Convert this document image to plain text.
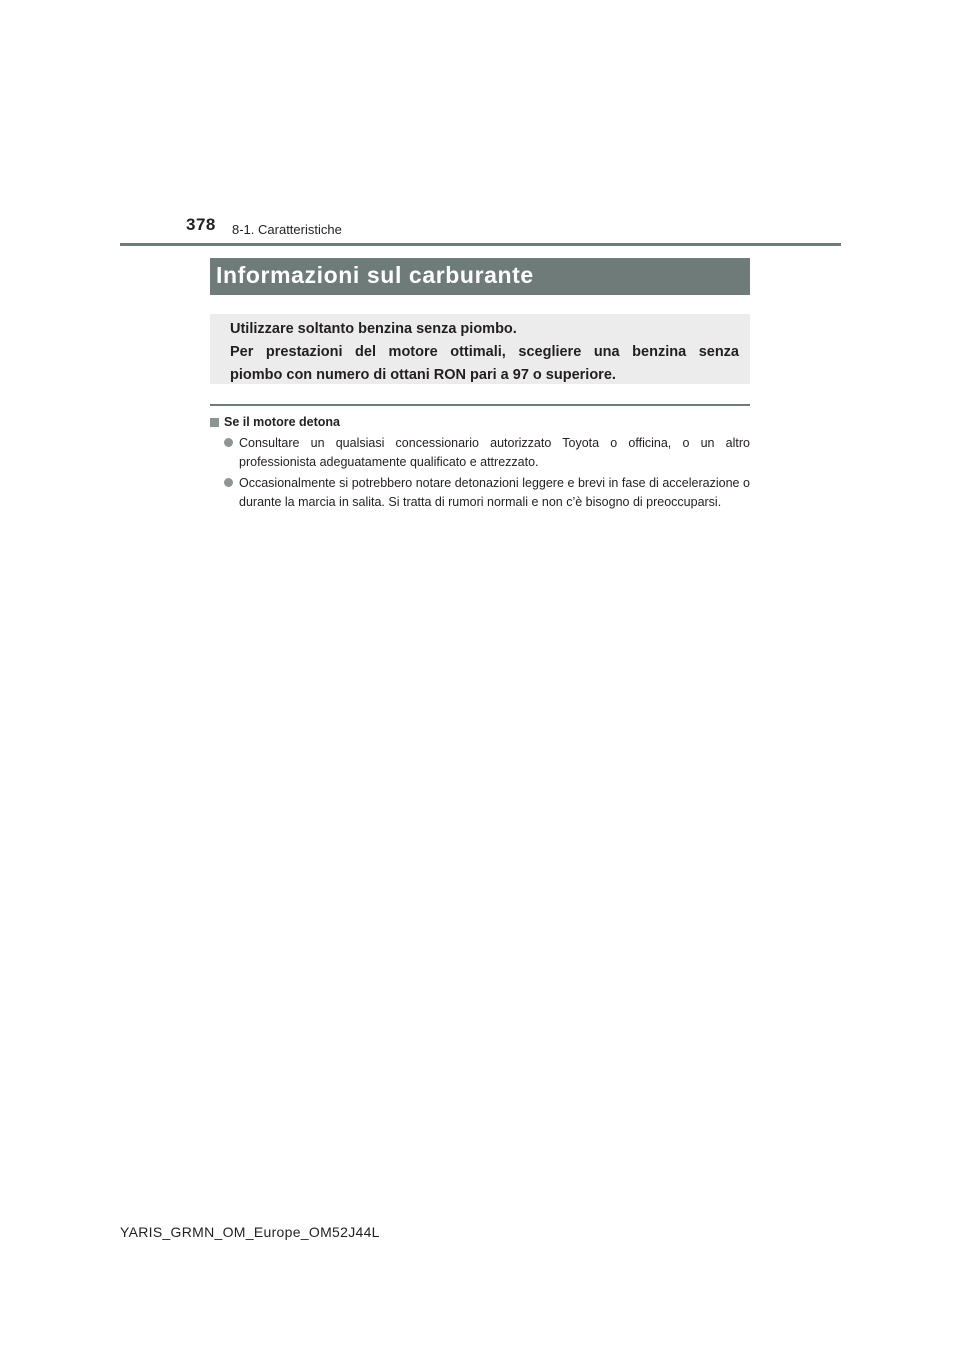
378 8-1. Caratteristiche
Informazioni sul carburante

Utilizzare soltanto benzina senza piombo.

Per prestazioni del motore ottimali, scegliere una benzina senza

piombo con numero di ottani RON pari a 97 o superiore.

Se il motore detona
Consultare un qualsiasi concessionario autorizzato Toyota o officina, o un altro professionista adeguatamente qualificato e attrezzato.
Occasionalmente si potrebbero notare detonazioni leggere e brevi in fase di accelerazione o durante la marcia in salita. Si tratta di rumori normali e non c’è bisogno di preoccuparsi.
YARIS_GRMN_OM_Europe_OM52J44L
